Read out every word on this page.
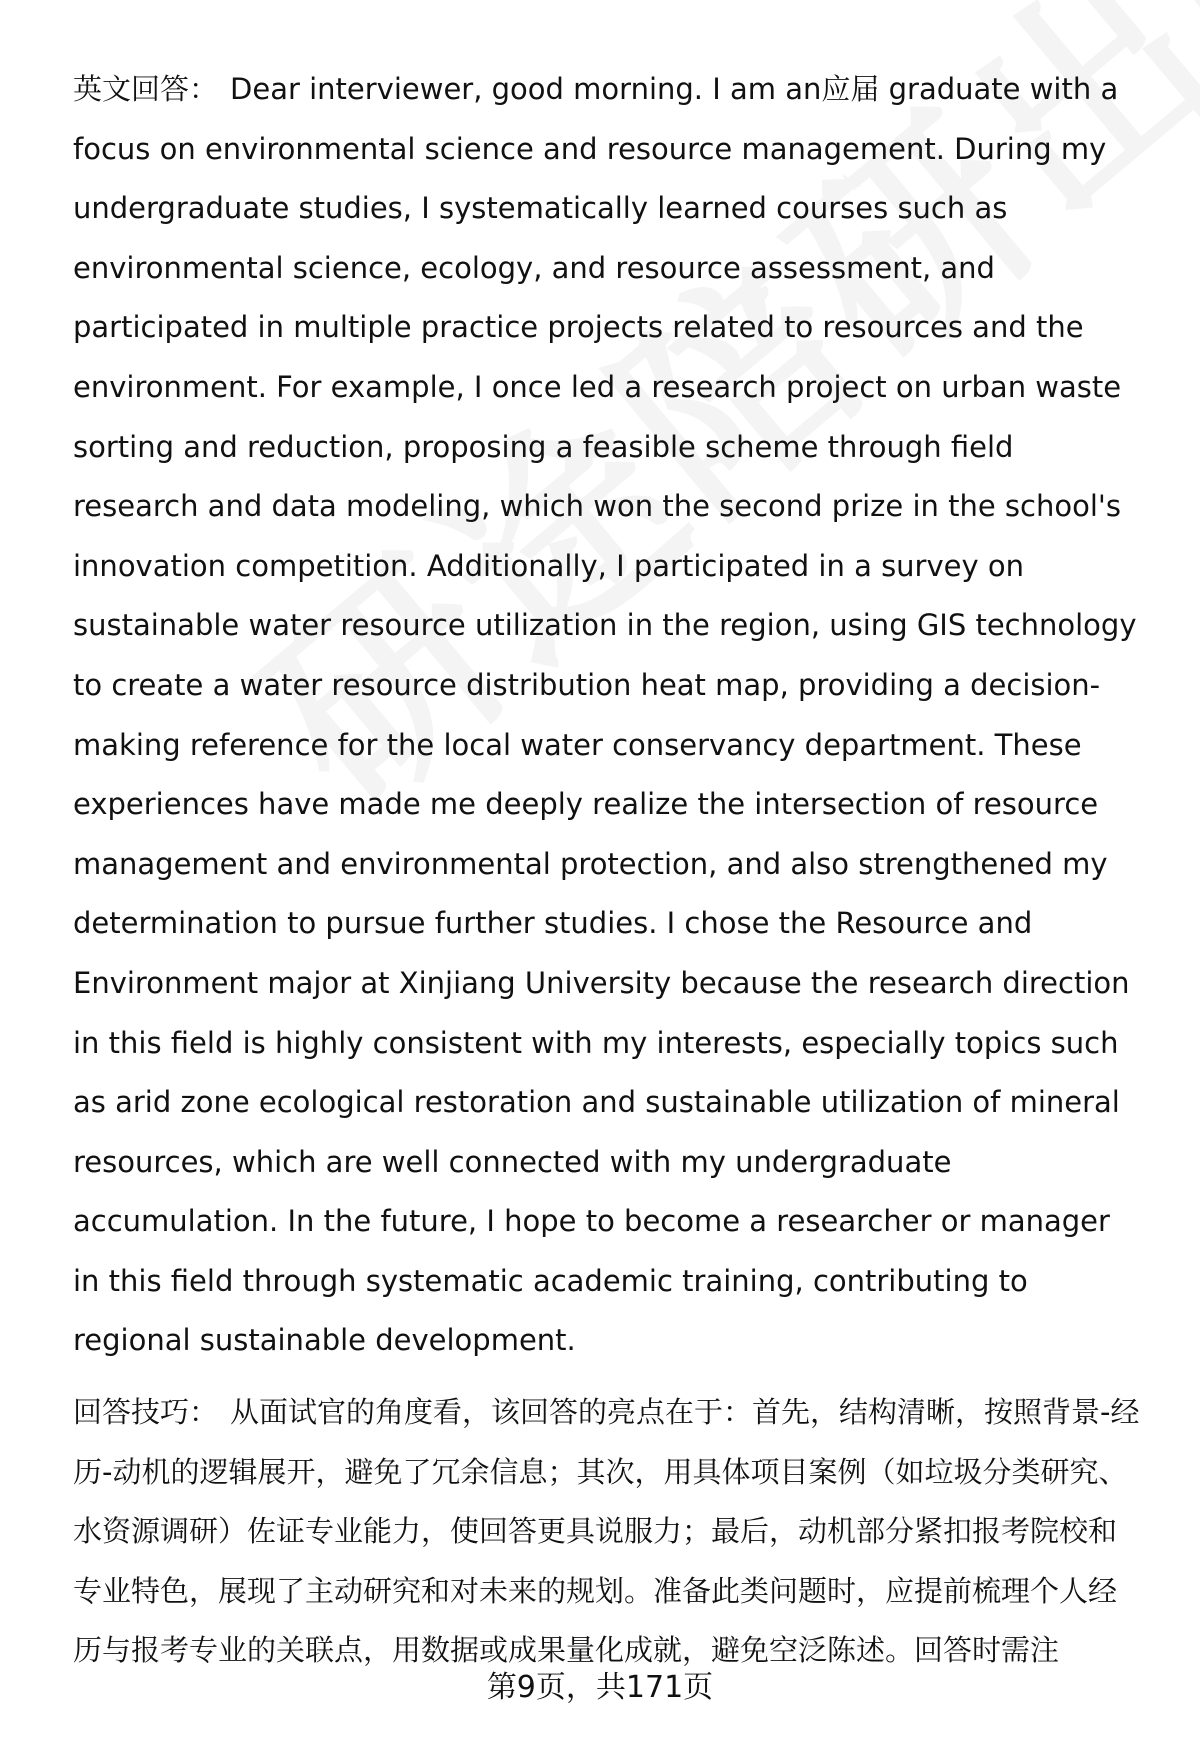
英文回答： Dear interviewer, good morning. I am an应届 graduate with a focus on environmental science and resource management. During my undergraduate studies, I systematically learned courses such as environmental science, ecology, and resource assessment, and participated in multiple practice projects related to resources and the environment. For example, I once led a research project on urban waste sorting and reduction, proposing a feasible scheme through field research and data modeling, which won the second prize in the school's innovation competition. Additionally, I participated in a survey on sustainable water resource utilization in the region, using GIS technology to create a water resource distribution heat map, providing a decision-making reference for the local water conservancy department. These experiences have made me deeply realize the intersection of resource management and environmental protection, and also strengthened my determination to pursue further studies. I chose the Resource and Environment major at Xinjiang University because the research direction in this field is highly consistent with my interests, especially topics such as arid zone ecological restoration and sustainable utilization of mineral resources, which are well connected with my undergraduate accumulation. In the future, I hope to become a researcher or manager in this field through systematic academic training, contributing to regional sustainable development.

回答技巧： 从面试官的角度看，该回答的亮点在于：首先，结构清晰，按照背景-经历-动机的逻辑展开，避免了冗余信息；其次，用具体项目案例（如垃圾分类研究、水资源调研）佐证专业能力，使回答更具说服力；最后，动机部分紧扣报考院校和专业特色，展现了主动研究和对未来的规划。准备此类问题时，应提前梳理个人经历与报考专业的关联点，用数据或成果量化成就，避免空泛陈述。回答时需注

第9页，共171页
